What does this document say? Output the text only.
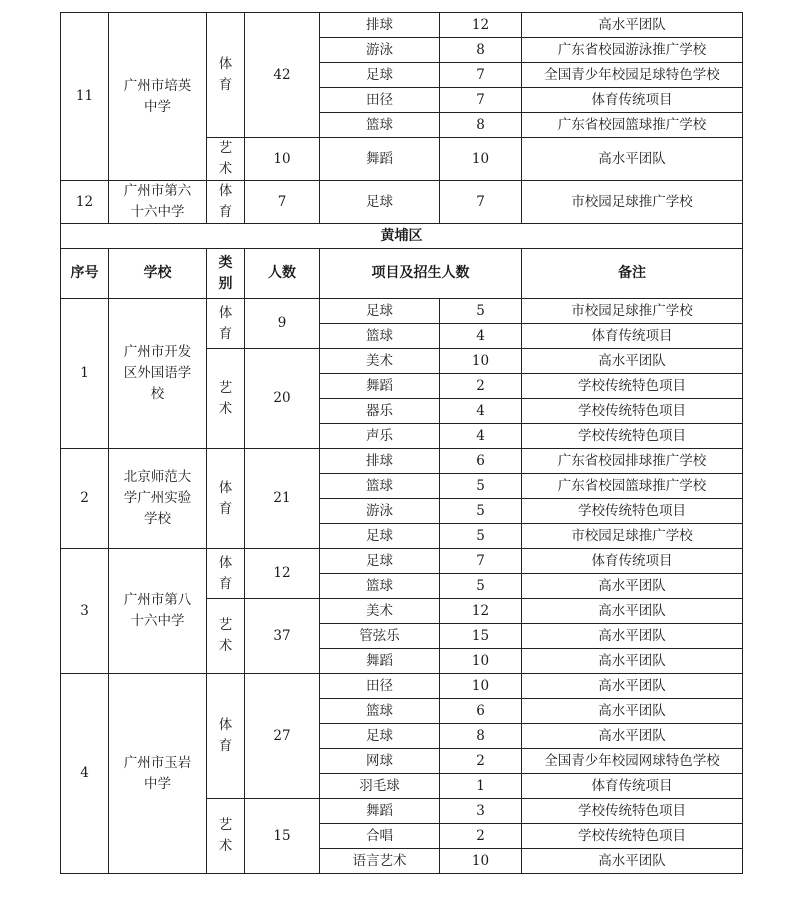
11	广州市培英中学	体育	42	排球	12	高水平团队
				游泳	8	广东省校园游泳推广学校
				足球	7	全国青少年校园足球特色学校
				田径	7	体育传统项目
				篮球	8	广东省校园篮球推广学校
		艺术	10	舞蹈	10	高水平团队
12	广州市第六十六中学	体育	7	足球	7	市校园足球推广学校
黄埔区						
序号	学校	类别	人数	项目及招生人数		备注
1	广州市开发区外国语学校	体育	9	足球	5	市校园足球推广学校
				篮球	4	体育传统项目
		艺术	20	美术	10	高水平团队
				舞蹈	2	学校传统特色项目
				器乐	4	学校传统特色项目
				声乐	4	学校传统特色项目
2	北京师范大学广州实验学校	体育	21	排球	6	广东省校园排球推广学校
				篮球	5	广东省校园篮球推广学校
				游泳	5	学校传统特色项目
				足球	5	市校园足球推广学校
3	广州市第八十六中学	体育	12	足球	7	体育传统项目
				篮球	5	高水平团队
		艺术	37	美术	12	高水平团队
				管弦乐	15	高水平团队
				舞蹈	10	高水平团队
4	广州市玉岩中学	体育	27	田径	10	高水平团队
				篮球	6	高水平团队
				足球	8	高水平团队
				网球	2	全国青少年校园网球特色学校
				羽毛球	1	体育传统项目
		艺术	15	舞蹈	3	学校传统特色项目
				合唱	2	学校传统特色项目
				语言艺术	10	高水平团队
